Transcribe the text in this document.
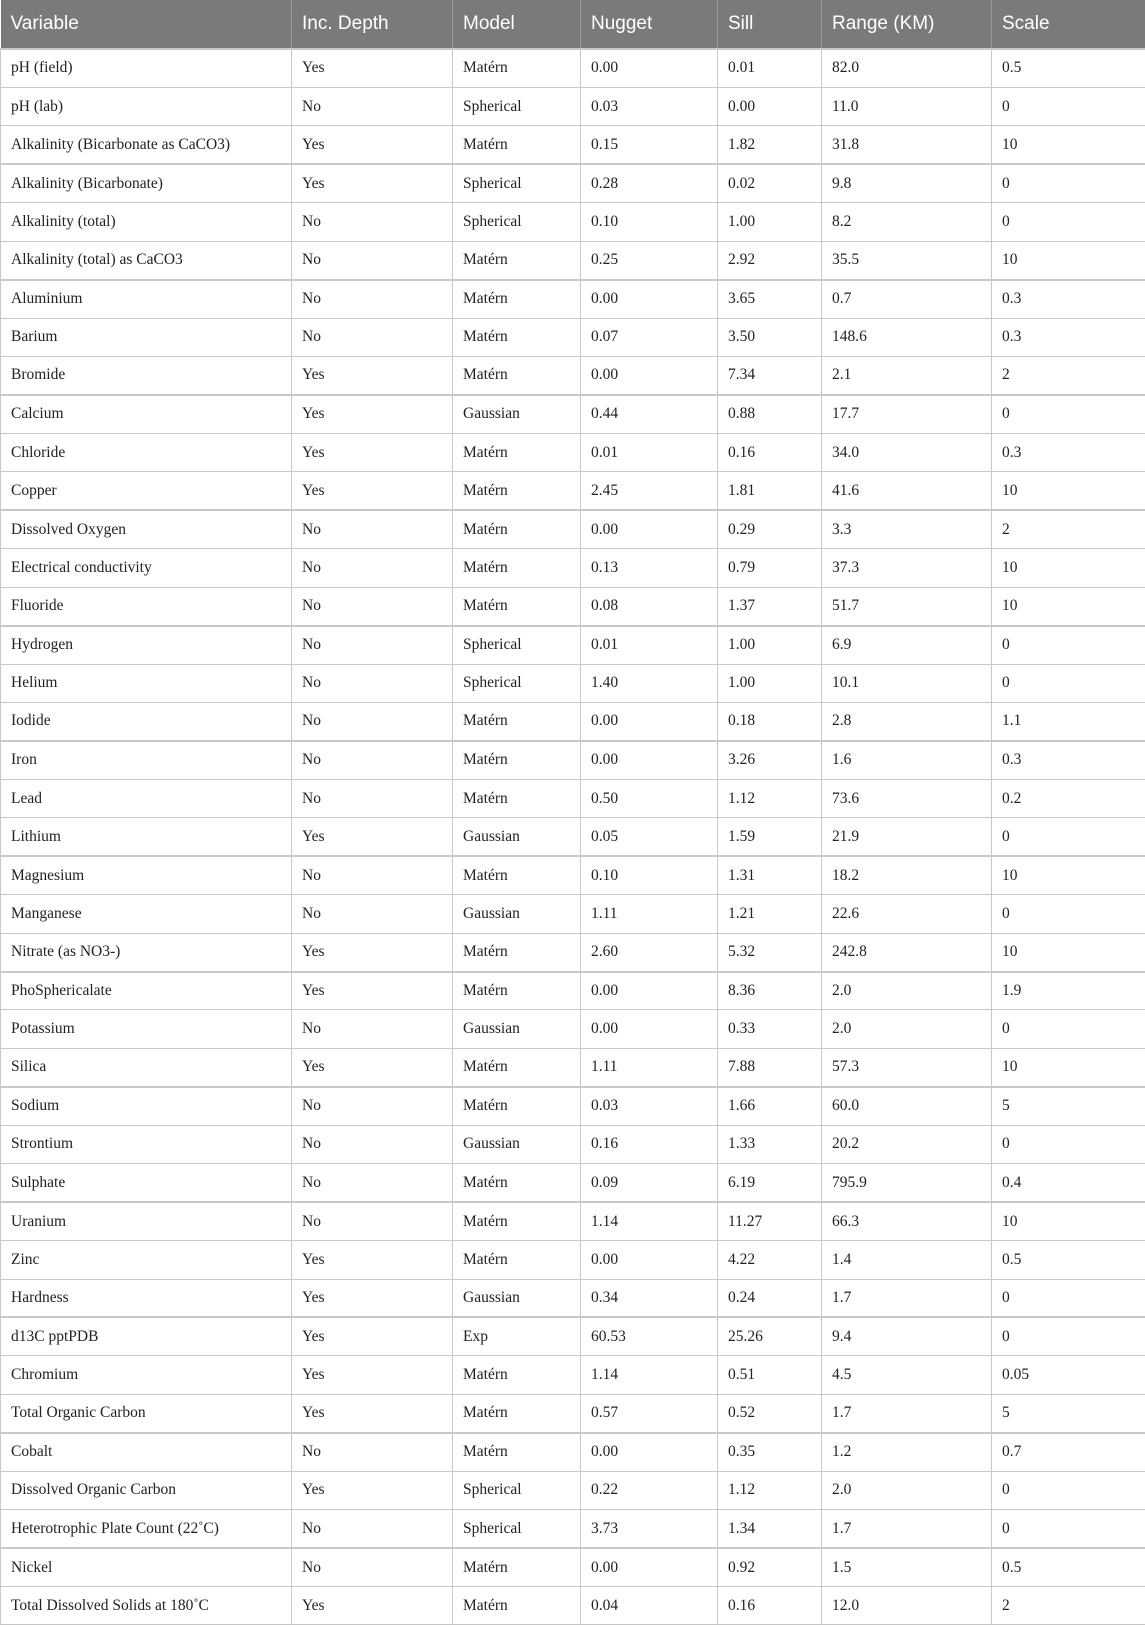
Variable	Inc. Depth	Model	Nugget	Sill	Range (KM)	Scale
pH (field)	Yes	Matérn	0.00	0.01	82.0	0.5
pH (lab)	No	Spherical	0.03	0.00	11.0	0
Alkalinity (Bicarbonate as CaCO3)	Yes	Matérn	0.15	1.82	31.8	10
Alkalinity (Bicarbonate)	Yes	Spherical	0.28	0.02	9.8	0
Alkalinity (total)	No	Spherical	0.10	1.00	8.2	0
Alkalinity (total) as CaCO3	No	Matérn	0.25	2.92	35.5	10
Aluminium	No	Matérn	0.00	3.65	0.7	0.3
Barium	No	Matérn	0.07	3.50	148.6	0.3
Bromide	Yes	Matérn	0.00	7.34	2.1	2
Calcium	Yes	Gaussian	0.44	0.88	17.7	0
Chloride	Yes	Matérn	0.01	0.16	34.0	0.3
Copper	Yes	Matérn	2.45	1.81	41.6	10
Dissolved Oxygen	No	Matérn	0.00	0.29	3.3	2
Electrical conductivity	No	Matérn	0.13	0.79	37.3	10
Fluoride	No	Matérn	0.08	1.37	51.7	10
Hydrogen	No	Spherical	0.01	1.00	6.9	0
Helium	No	Spherical	1.40	1.00	10.1	0
Iodide	No	Matérn	0.00	0.18	2.8	1.1
Iron	No	Matérn	0.00	3.26	1.6	0.3
Lead	No	Matérn	0.50	1.12	73.6	0.2
Lithium	Yes	Gaussian	0.05	1.59	21.9	0
Magnesium	No	Matérn	0.10	1.31	18.2	10
Manganese	No	Gaussian	1.11	1.21	22.6	0
Nitrate (as NO3-)	Yes	Matérn	2.60	5.32	242.8	10
PhoSphericalate	Yes	Matérn	0.00	8.36	2.0	1.9
Potassium	No	Gaussian	0.00	0.33	2.0	0
Silica	Yes	Matérn	1.11	7.88	57.3	10
Sodium	No	Matérn	0.03	1.66	60.0	5
Strontium	No	Gaussian	0.16	1.33	20.2	0
Sulphate	No	Matérn	0.09	6.19	795.9	0.4
Uranium	No	Matérn	1.14	11.27	66.3	10
Zinc	Yes	Matérn	0.00	4.22	1.4	0.5
Hardness	Yes	Gaussian	0.34	0.24	1.7	0
d13C pptPDB	Yes	Exp	60.53	25.26	9.4	0
Chromium	Yes	Matérn	1.14	0.51	4.5	0.05
Total Organic Carbon	Yes	Matérn	0.57	0.52	1.7	5
Cobalt	No	Matérn	0.00	0.35	1.2	0.7
Dissolved Organic Carbon	Yes	Spherical	0.22	1.12	2.0	0
Heterotrophic Plate Count (22˚C)	No	Spherical	3.73	1.34	1.7	0
Nickel	No	Matérn	0.00	0.92	1.5	0.5
Total Dissolved Solids at 180˚C	Yes	Matérn	0.04	0.16	12.0	2
